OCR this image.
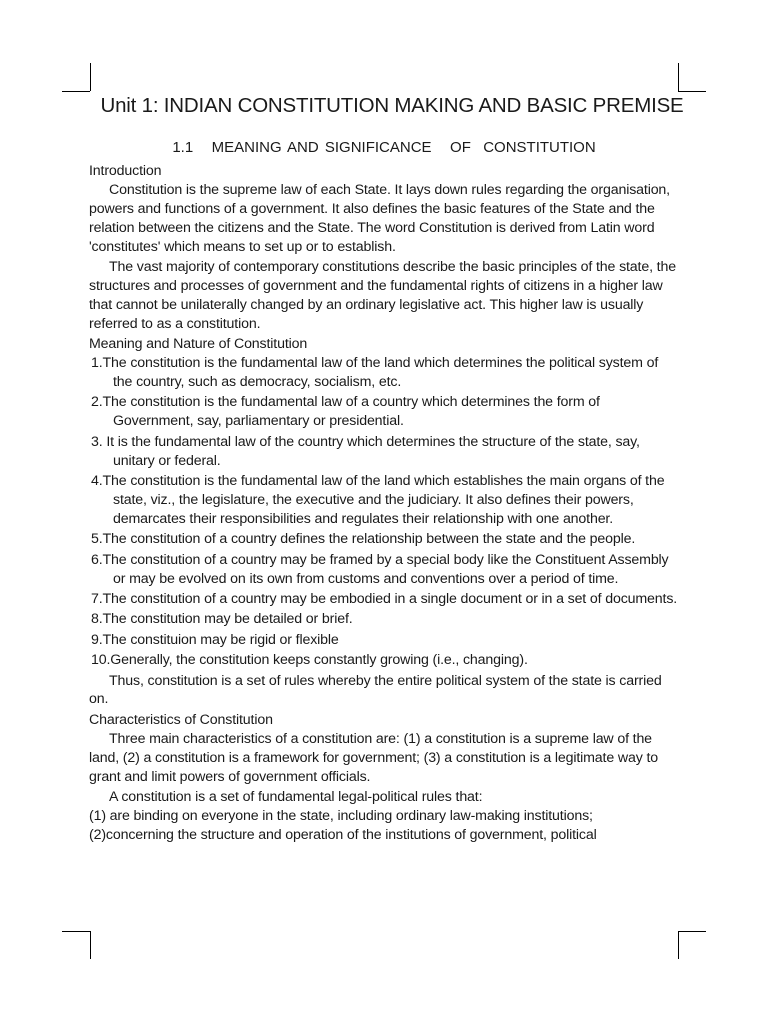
Unit 1: INDIAN CONSTITUTION MAKING AND BASIC PREMISE
1.1   MEANING AND SIGNIFICANCE   OF  CONSTITUTION

Introduction

Constitution is the supreme law of each State. It lays down rules regarding the organisation, powers and functions of a government. It also defines the basic features of the State and the relation between the citizens and the State. The word Constitution is derived from Latin word 'constitutes' which means to set up or to establish.

The vast majority of contemporary constitutions describe the basic principles of the state, the structures and processes of government and the fundamental rights of citizens in a higher law that cannot be unilaterally changed by an ordinary legislative act. This higher law is usually referred to as a constitution.

Meaning and Nature of Constitution

1.The constitution is the fundamental law of the land which determines the political system of the country, such as democracy, socialism, etc.

2.The constitution is the fundamental law of a country which determines the form of Government, say, parliamentary or presidential.

3. It is the fundamental law of the country which determines the structure of the state, say, unitary or federal.

4.The constitution is the fundamental law of the land which establishes the main organs of the state, viz., the legislature, the executive and the judiciary. It also defines their powers, demarcates their responsibilities and regulates their relationship with one another.

5.The constitution of a country defines the relationship between the state and the people.

6.The constitution of a country may be framed by a special body like the Constituent Assembly or may be evolved on its own from customs and conventions over a period of time.

7.The constitution of a country may be embodied in a single document or in a set of documents.

8.The constitution may be detailed or brief.

9.The constituion may be rigid or flexible

10.Generally, the constitution keeps constantly growing (i.e., changing).

Thus, constitution is a set of rules whereby the entire political system of the state is carried on.

Characteristics of Constitution

Three main characteristics of a constitution are: (1) a constitution is a supreme law of the land, (2) a constitution is a framework for government; (3) a constitution is a legitimate way to grant and limit powers of government officials.

A constitution is a set of fundamental legal-political rules that:

(1) are binding on everyone in the state, including ordinary law-making institutions;

(2)concerning the structure and operation of the institutions of government, political
